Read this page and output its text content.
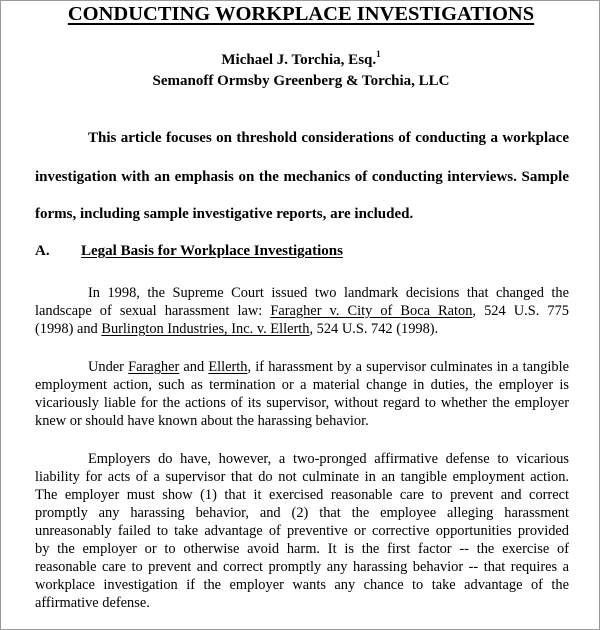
CONDUCTING WORKPLACE INVESTIGATIONS
Michael J. Torchia, Esq.$^1$
Semanoff Ormsby Greenberg & Torchia, LLC
This article focuses on threshold considerations of conducting a workplace
investigation with an emphasis on the mechanics of conducting interviews. Sample
forms, including sample investigative reports, are included.
A. Legal Basis for Workplace Investigations
In 1998, the Supreme Court issued two landmark decisions that changed the
landscape of sexual harassment law: Faragher v. City of Boca Raton, 524 U.S. 775
(1998) and Burlington Industries, Inc. v. Ellerth, 524 U.S. 742 (1998).
Under Faragher and Ellerth, if harassment by a supervisor culminates in a tangible
employment action, such as termination or a material change in duties, the employer is
vicariously liable for the actions of its supervisor, without regard to whether the employer
knew or should have known about the harassing behavior.
Employers do have, however, a two-pronged affirmative defense to vicarious
liability for acts of a supervisor that do not culminate in an tangible employment action.
The employer must show (1) that it exercised reasonable care to prevent and correct
promptly any harassing behavior, and (2) that the employee alleging harassment
unreasonably failed to take advantage of preventive or corrective opportunities provided
by the employer or to otherwise avoid harm. It is the first factor -- the exercise of
reasonable care to prevent and correct promptly any harassing behavior -- that requires a
workplace investigation if the employer wants any chance to take advantage of the
affirmative defense.
